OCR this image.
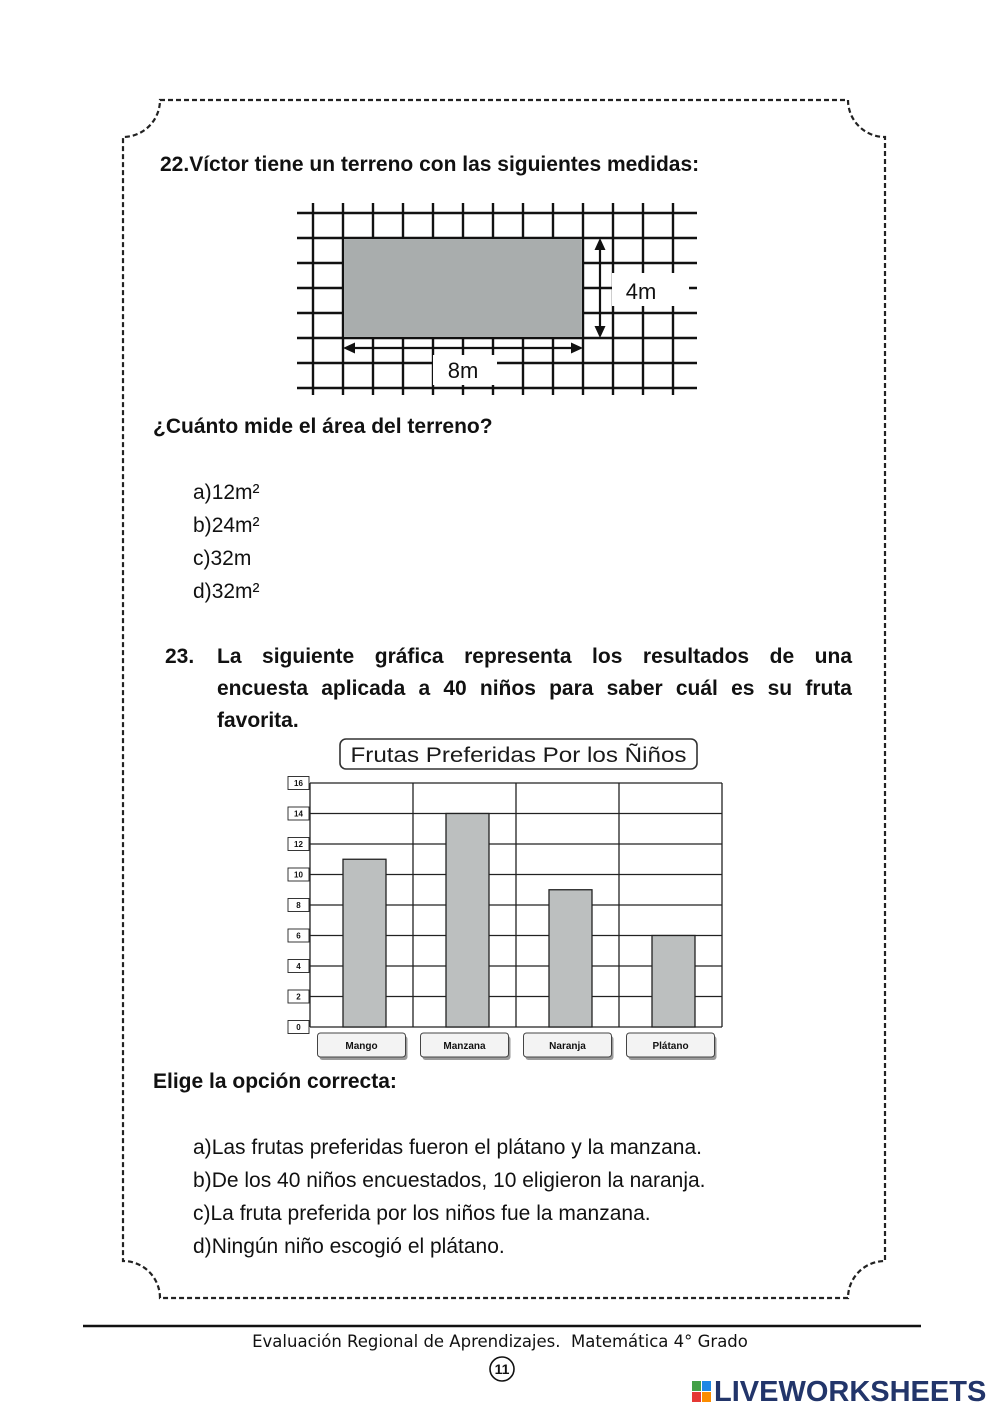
4m
8m
Frutas Preferidas Por los Ñiños
0
2
4
6
8
10
12
14
16
Mango	Manzana	Naranja	Plátano
11
22.Víctor tiene un terreno con las siguientes medidas:
¿Cuánto mide el área del terreno?
a)12m²
b)24m²
c)32m
d)32m²
23. La siguiente gráfica representa los resultados de una
encuesta aplicada a 40 niños para saber cuál es su fruta
favorita.
Elige la opción correcta:
a)Las frutas preferidas fueron el plátano y la manzana.
b)De los 40 niños encuestados, 10 eligieron la naranja.
c)La fruta preferida por los niños fue la manzana.
d)Ningún niño escogió el plátano.
Evaluación Regional de Aprendizajes.  Matemática 4° Grado
LIVEWORKSHEETS
